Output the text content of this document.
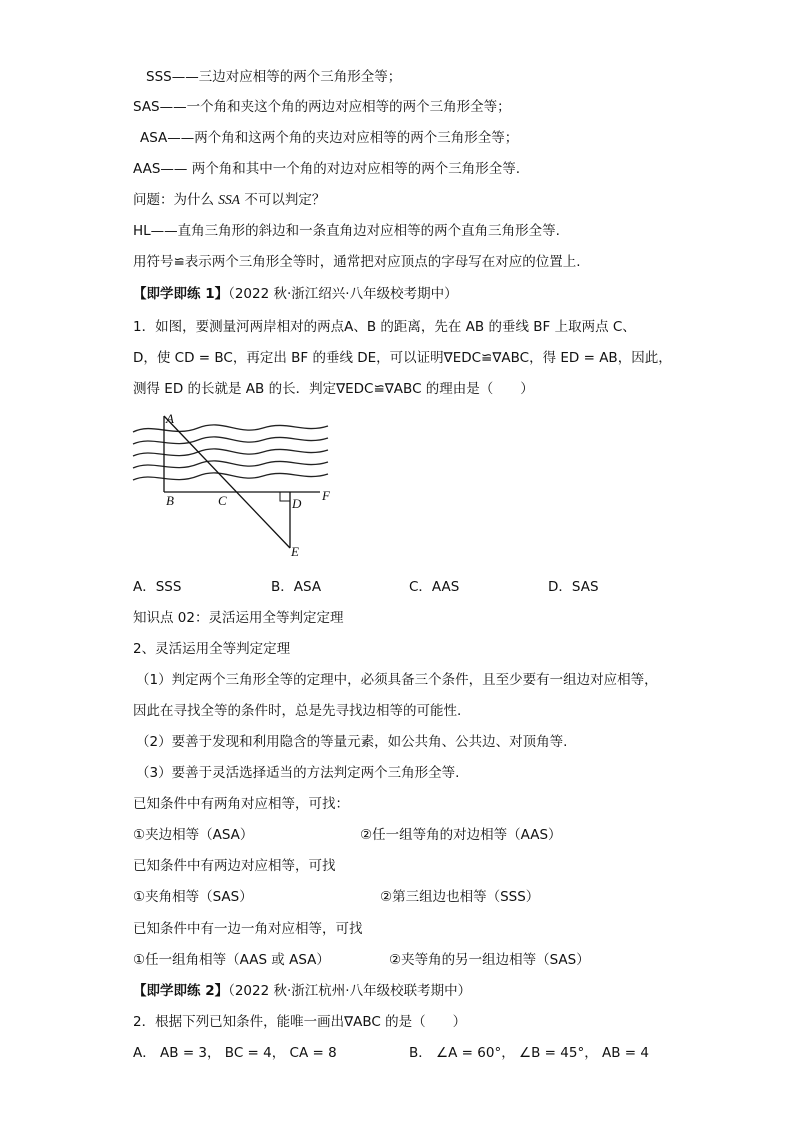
SSS——三边对应相等的两个三角形全等；
SAS——一个角和夹这个角的两边对应相等的两个三角形全等；
ASA——两个角和这两个角的夹边对应相等的两个三角形全等；
AAS—— 两个角和其中一个角的对边对应相等的两个三角形全等.
问题：为什么 SSA 不可以判定？
HL——直角三角形的斜边和一条直角边对应相等的两个直角三角形全等.
用符号≌表示两个三角形全等时，通常把对应顶点的字母写在对应的位置上.
【即学即练 1】（2022 秋·浙江绍兴·八年级校考期中）
1．如图，要测量河两岸相对的两点A、B 的距离，先在 AB 的垂线 BF 上取两点 C、
D，使 CD = BC，再定出 BF 的垂线 DE，可以证明∇EDC≌∇ABC，得 ED = AB，因此，
测得 ED 的长就是 AB 的长．判定∇EDC≌∇ABC 的理由是（　　）
A
B	C	D
E
F
A．SSS	B．ASA	C．AAS	D．SAS
知识点 02：灵活运用全等判定定理
2、灵活运用全等判定定理
（1）判定两个三角形全等的定理中，必须具备三个条件，且至少要有一组边对应相等，
因此在寻找全等的条件时，总是先寻找边相等的可能性.
（2）要善于发现和利用隐含的等量元素，如公共角、公共边、对顶角等.
（3）要善于灵活选择适当的方法判定两个三角形全等.
已知条件中有两角对应相等，可找：
①夹边相等（ASA）	②任一组等角的对边相等（AAS）
已知条件中有两边对应相等，可找
①夹角相等（SAS）	②第三组边也相等（SSS）
已知条件中有一边一角对应相等，可找
①任一组角相等（AAS 或 ASA）	②夹等角的另一组边相等（SAS）
【即学即练 2】（2022 秋·浙江杭州·八年级校联考期中）
2．根据下列已知条件，能唯一画出∇ABC 的是（　　）
A． AB = 3， BC = 4， CA = 8	B． ∠A = 60°， ∠B = 45°， AB = 4
